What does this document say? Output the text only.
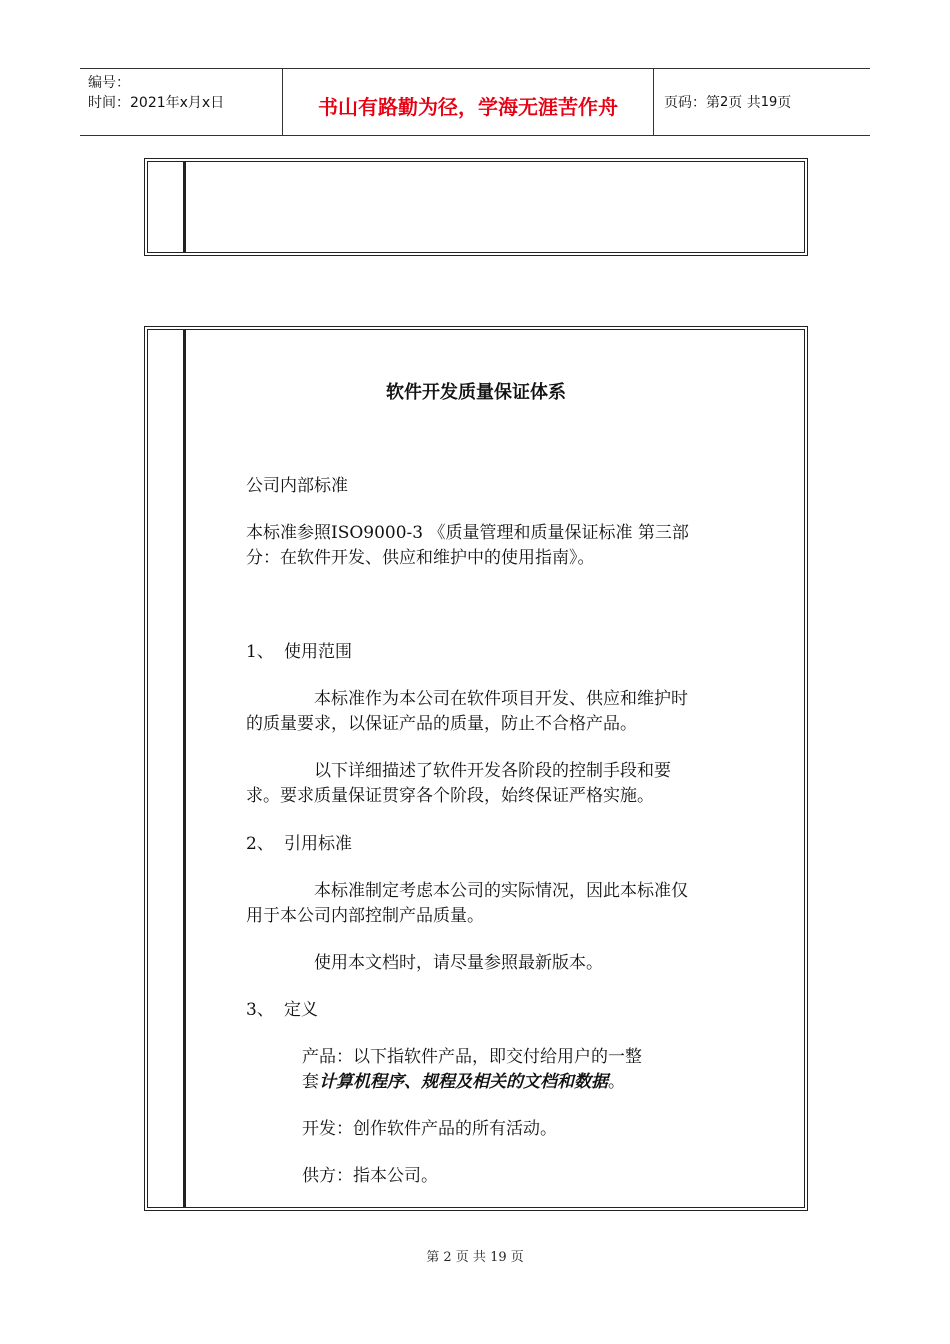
编号：
时间：2021年x月x日	书山有路勤为径，学海无涯苦作舟	页码：第 2 页 共 19 页
软件开发质量保证体系

公司内部标准

本标准参照ISO9000-3 《质量管理和质量保证标准 第三部

分：在软件开发、供应和维护中的使用指南》。

1、 使用范围

本标准作为本公司在软件项目开发、供应和维护时

的质量要求，以保证产品的质量，防止不合格产品。

以下详细描述了软件开发各阶段的控制手段和要

求。要求质量保证贯穿各个阶段，始终保证严格实施。

2、 引用标准

本标准制定考虑本公司的实际情况，因此本标准仅

用于本公司内部控制产品质量。

使用本文档时，请尽量参照最新版本。

3、 定义

产品：以下指软件产品，即交付给用户的一整

套计算机程序、规程及相关的文档和数据。

开发：创作软件产品的所有活动。

供方：指本公司。

第 2 页 共 19 页
